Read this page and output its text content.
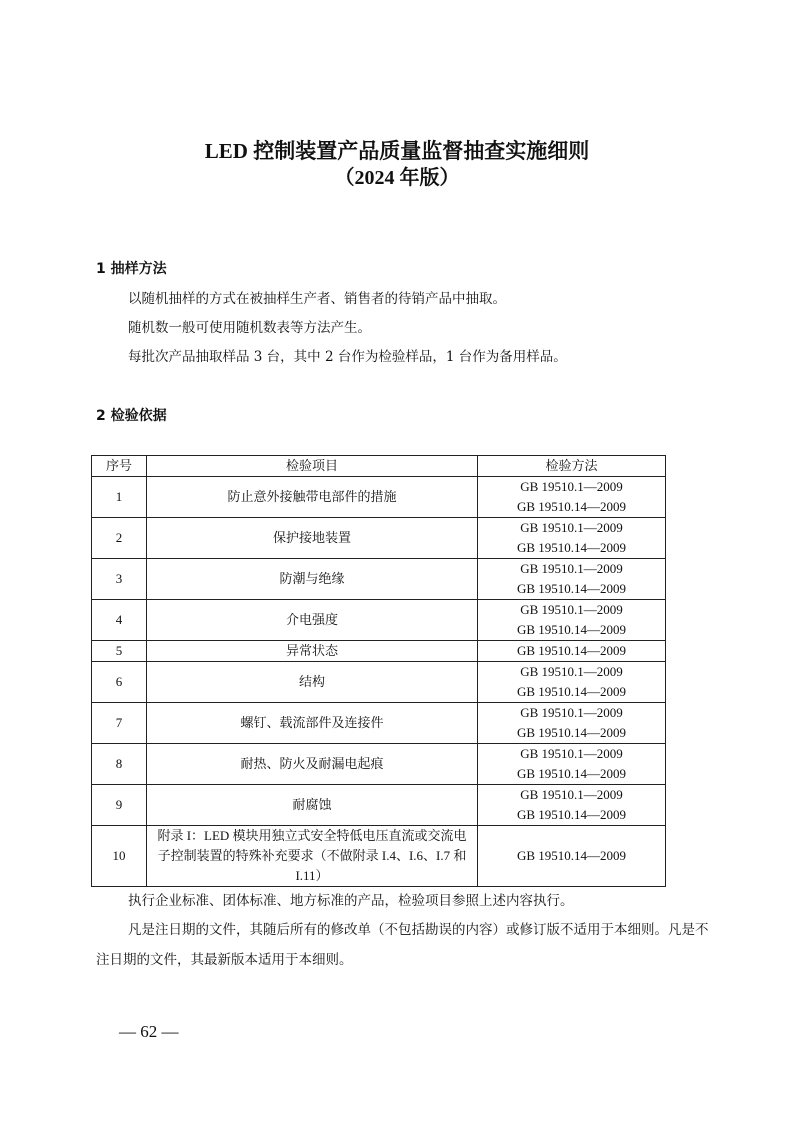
LED 控制装置产品质量监督抽查实施细则
（2024 年版）
1 抽样方法
以随机抽样的方式在被抽样生产者、销售者的待销产品中抽取。
随机数一般可使用随机数表等方法产生。
每批次产品抽取样品 3 台，其中 2 台作为检验样品，1 台作为备用样品。
2 检验依据
序号	检验项目	检验方法
1	防止意外接触带电部件的措施	GB 19510.1—2009
GB 19510.14—2009

2	保护接地装置	GB 19510.1—2009
GB 19510.14—2009

3	防潮与绝缘	GB 19510.1—2009
GB 19510.14—2009

4	介电强度	GB 19510.1—2009
GB 19510.14—2009

5	异常状态	GB 19510.14—2009

6	结构	GB 19510.1—2009
GB 19510.14—2009

7	螺钉、载流部件及连接件	GB 19510.1—2009
GB 19510.14—2009

8	耐热、防火及耐漏电起痕	GB 19510.1—2009
GB 19510.14—2009

9	耐腐蚀	GB 19510.1—2009
GB 19510.14—2009

10	附录 I：LED 模块用独立式安全特低电压直流或交流电子控制装置的特殊补充要求（不做附录 I.4、I.6、I.7 和 I.11）	GB 19510.14—2009
执行企业标准、团体标准、地方标准的产品，检验项目参照上述内容执行。
凡是注日期的文件，其随后所有的修改单（不包括勘误的内容）或修订版不适用于本细则。凡是不注日期的文件，其最新版本适用于本细则。
— 62 —
